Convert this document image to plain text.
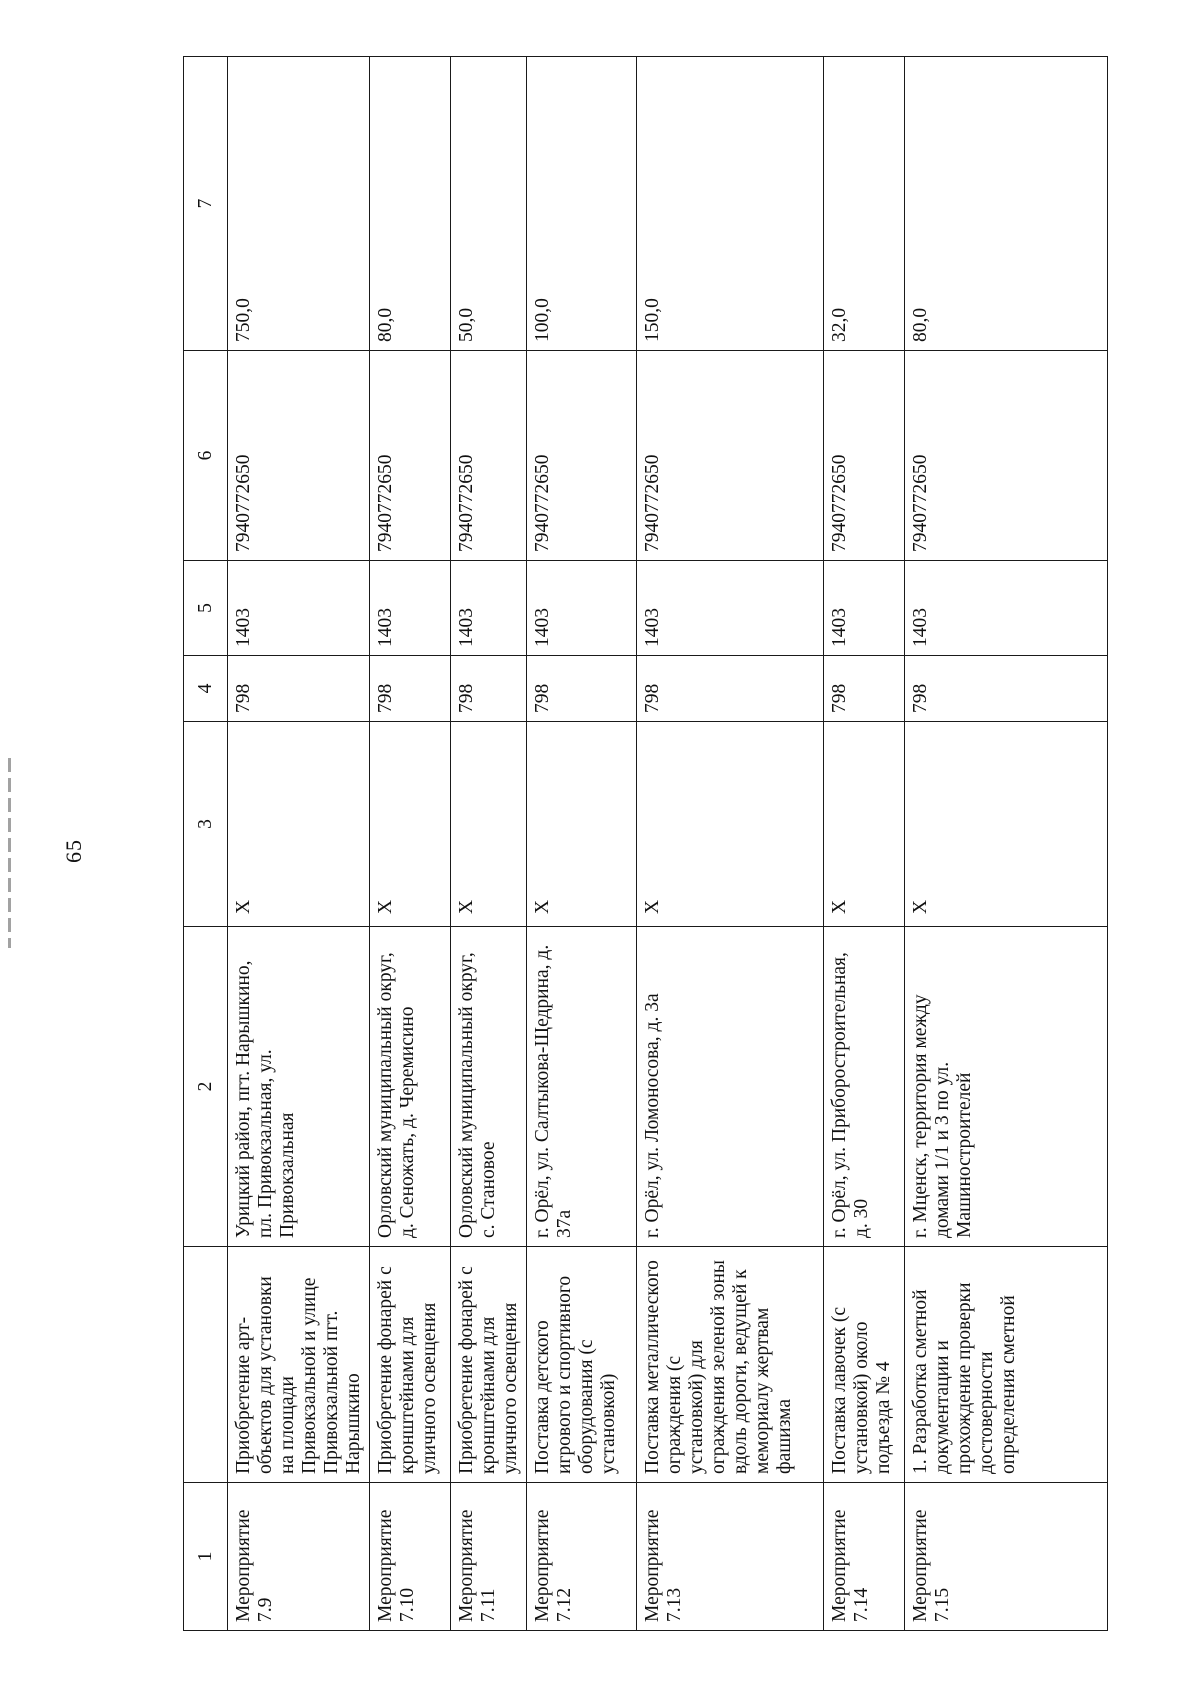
65
1		2	3	4	5	6	7
Мероприятие 7.9	Приобретение арт-объектов для установки на площади Привокзальной и улице Привокзальной пгт. Нарышкино	Урицкий район, пгт. Нарышкино, пл. Привокзальная, ул. Привокзальная	Х	798	1403	7940772650	750,0
Мероприятие 7.10	Приобретение фонарей с кронштейнами для уличного освещения	Орловский муниципальный округ, д. Сеножать, д. Черемисино	Х	798	1403	7940772650	80,0
Мероприятие 7.11	Приобретение фонарей с кронштейнами для уличного освещения	Орловский муниципальный округ, с. Становое	Х	798	1403	7940772650	50,0
Мероприятие 7.12	Поставка детского игрового и спортивного оборудования (с установкой)	г. Орёл, ул. Салтыкова-Щедрина, д. 37а	Х	798	1403	7940772650	100,0
Мероприятие 7.13	Поставка металлического ограждения (с установкой) для ограждения зеленой зоны вдоль дороги, ведущей к мемориалу жертвам фашизма	г. Орёл, ул. Ломоносова, д. 3а	Х	798	1403	7940772650	150,0
Мероприятие 7.14	Поставка лавочек (с установкой) около подъезда № 4	г. Орёл, ул. Приборостроительная, д. 30	Х	798	1403	7940772650	32,0
Мероприятие 7.15	1. Разработка сметной документации и прохождение проверки достоверности определения сметной	г. Мценск, территория между домами 1/1 и 3 по ул. Машиностроителей	Х	798	1403	7940772650	80,0
